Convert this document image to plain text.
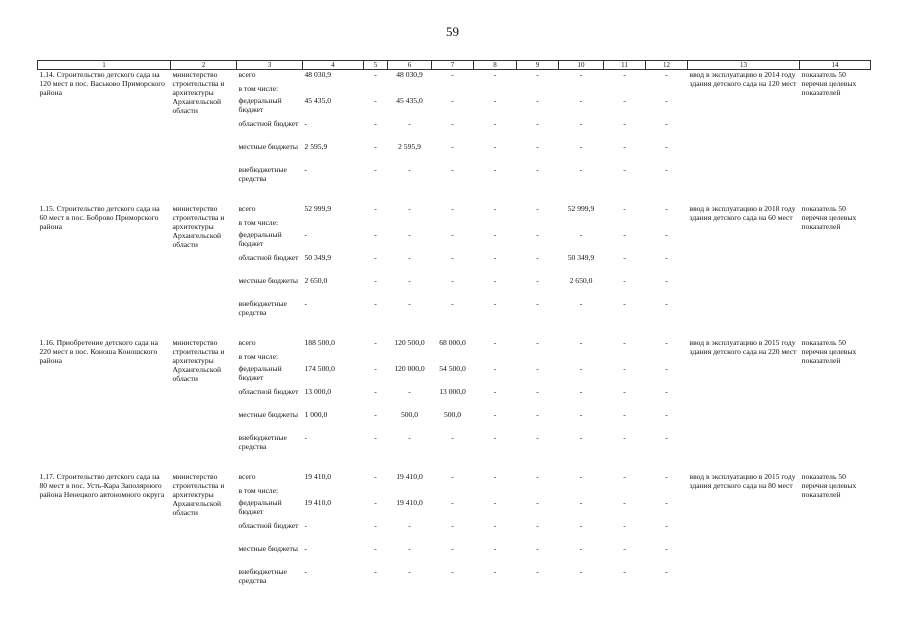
59
1	2	3	4	5	6	7	8	9	10	11	12	13	14
1.14. Строительство детского сада на 120 мест в пос. Васьково Приморского района	министерство строительства и архитектуры Архангельской области	всего	48 030,9	-	48 030,9	-	-	-	-	-	-	ввод в эксплуатацию в 2014 году здания детского сада на 120 мест	показатель 50 перечня целевых показателей
		в том числе:									
		федеральный бюджет	45 435,0	-	45 435,0	-	-	-	-	-	-		
		областной бюджет	-	-	-	-	-	-	-	-	-		
		местные бюджеты	2 595,9	-	2 595,9	-	-	-	-	-	-		
		внебюджетные средства	-	-	-	-	-	-	-	-	-		

1.15. Строительство детского сада на 60 мест в пос. Боброво Приморского района	министерство строительства и архитектуры Архангельской области	всего	52 999,9	-	-	-	-	-	52 999,9	-	-	ввод в эксплуатацию в 2018 году здания детского сада на 60 мест	показатель 50 перечня целевых показателей
		в том числе:									
		федеральный бюджет	-	-	-	-	-	-	-	-	-		
		областной бюджет	50 349,9	-	-	-	-	-	50 349,9	-	-		
		местные бюджеты	2 650,0	-	-	-	-	-	2 650,0	-	-		
		внебюджетные средства	-	-	-	-	-	-	-	-	-		

1.16. Приобретение детского сада на 220 мест в пос. Коноша Коношского района	министерство строительства и архитектуры Архангельской области	всего	188 500,0	-	120 500,0	68 000,0	-	-	-	-	-	ввод в эксплуатацию в 2015 году здания детского сада на 220 мест	показатель 50 перечня целевых показателей
		в том числе:									
		федеральный бюджет	174 500,0	-	120 000,0	54 500,0	-	-	-	-	-		
		областной бюджет	13 000,0	-	-	13 000,0	-	-	-	-	-		
		местные бюджеты	1 000,0	-	500,0	500,0	-	-	-	-	-		
		внебюджетные средства	-	-	-	-	-	-	-	-	-		

1.17. Строительство детского сада на 80 мест в пос. Усть-Кара Заполярного района Ненецкого автономного округа	министерство строительства и архитектуры Архангельской области	всего	19 410,0	-	19 410,0	-	-	-	-	-	-	ввод в эксплуатацию в 2015 году здания детского сада на 80 мест	показатель 50 перечня целевых показателей
		в том числе:									
		федеральный бюджет	19 410,0	-	19 410,0	-	-	-	-	-	-		
		областной бюджет	-	-	-	-	-	-	-	-	-		
		местные бюджеты	-	-	-	-	-	-	-	-	-		
		внебюджетные средства	-	-	-	-	-	-	-	-	-		
